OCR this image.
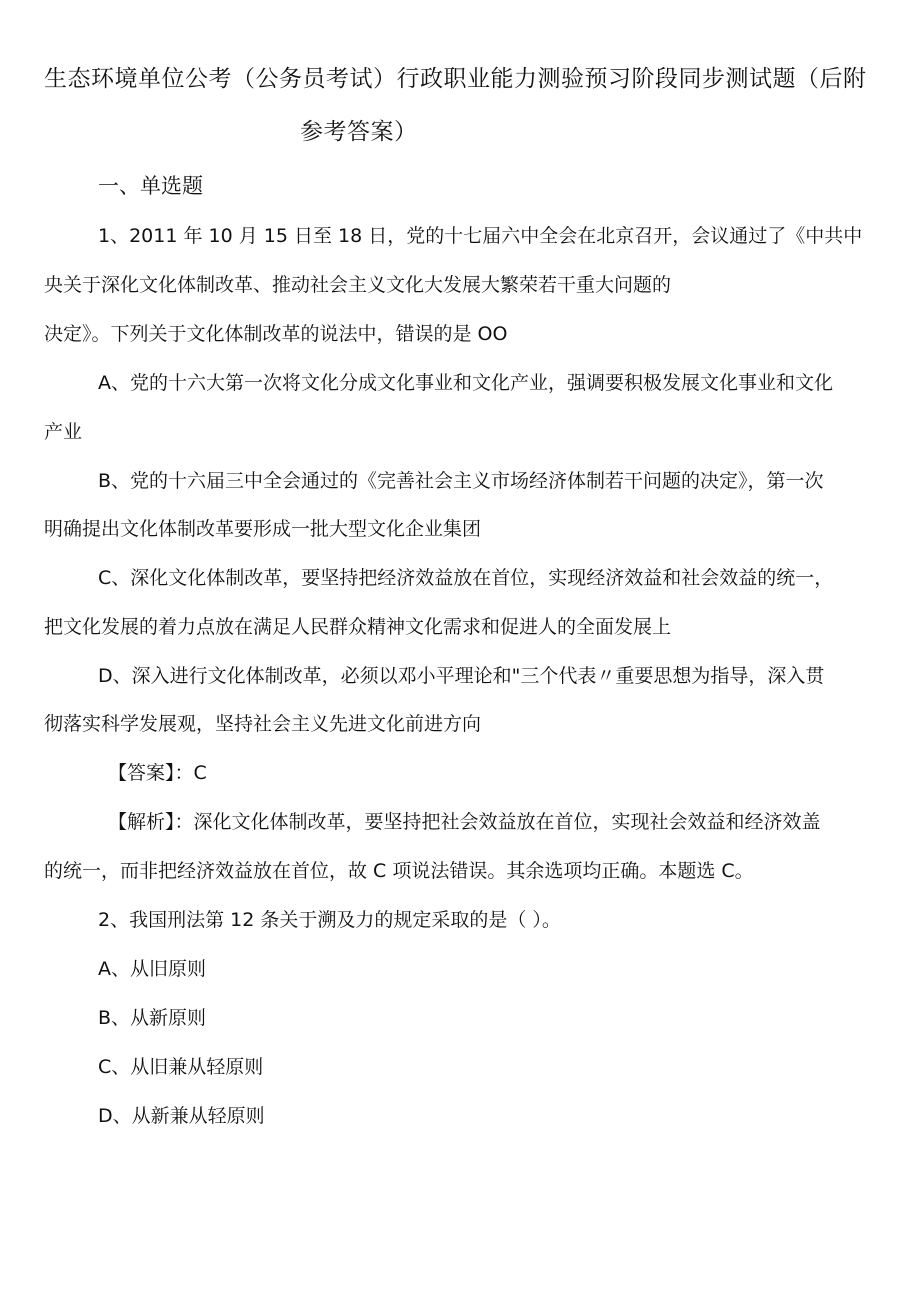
生态环境单位公考（公务员考试）行政职业能力测验预习阶段同步测试题（后附
参考答案）
一、单选题
1、2011 年 10 月 15 日至 18 日，党的十七届六中全会在北京召开，会议通过了《中共中
央关于深化文化体制改革、推动社会主义文化大发展大繁荣若干重大问题的
决定》。下列关于文化体制改革的说法中，错误的是 OO
A、党的十六大第一次将文化分成文化事业和文化产业，强调要积极发展文化事业和文化
产业
B、党的十六届三中全会通过的《完善社会主义市场经济体制若干问题的决定》，第一次
明确提出文化体制改革要形成一批大型文化企业集团
C、深化文化体制改革，要坚持把经济效益放在首位，实现经济效益和社会效益的统一，
把文化发展的着力点放在满足人民群众精神文化需求和促进人的全面发展上
D、深入进行文化体制改革，必须以邓小平理论和"三个代表〃重要思想为指导，深入贯
彻落实科学发展观，坚持社会主义先进文化前进方向
【答案】：C
【解析】：深化文化体制改革，要坚持把社会效益放在首位，实现社会效益和经济效盖
的统一，而非把经济效益放在首位，故 C 项说法错误。其余选项均正确。本题选 C。
2、我国刑法第 12 条关于溯及力的规定采取的是（ ）。
A、从旧原则
B、从新原则
C、从旧兼从轻原则
D、从新兼从轻原则
